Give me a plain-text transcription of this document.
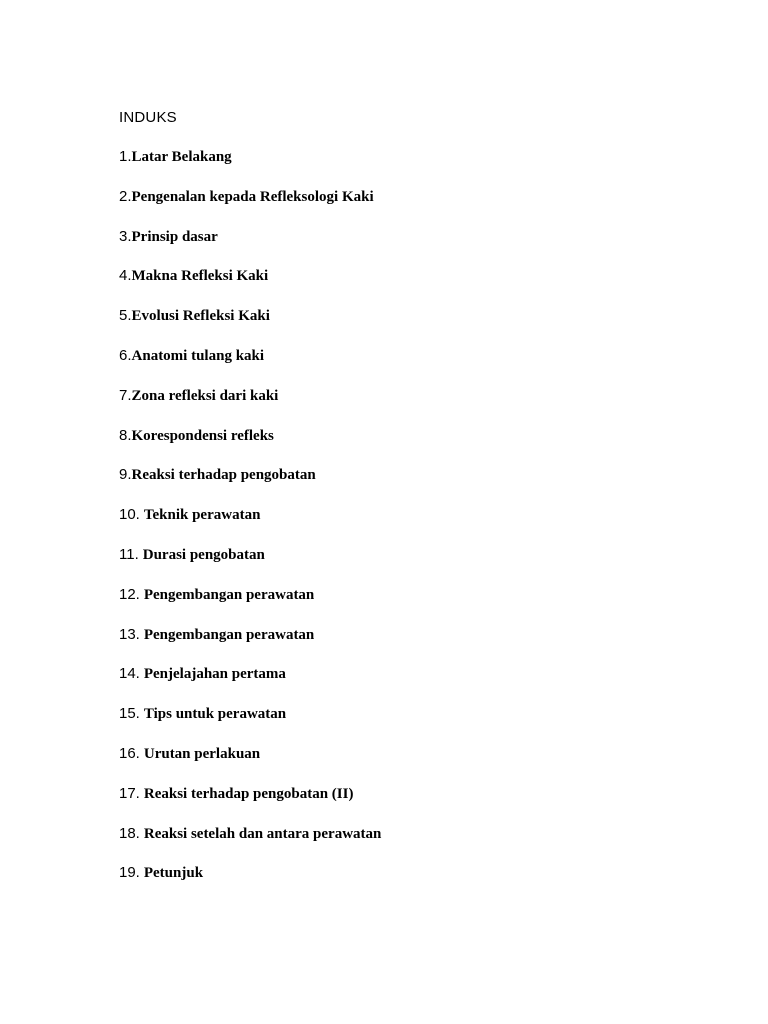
INDUKS
1.Latar Belakang
2.Pengenalan kepada Refleksologi Kaki
3.Prinsip dasar
4.Makna Refleksi Kaki
5.Evolusi Refleksi Kaki
6.Anatomi tulang kaki
7.Zona refleksi dari kaki
8.Korespondensi refleks
9.Reaksi terhadap pengobatan
10. Teknik perawatan
11. Durasi pengobatan
12. Pengembangan perawatan
13. Pengembangan perawatan
14. Penjelajahan pertama
15. Tips untuk perawatan
16. Urutan perlakuan
17. Reaksi terhadap pengobatan (II)
18. Reaksi setelah dan antara perawatan
19. Petunjuk
